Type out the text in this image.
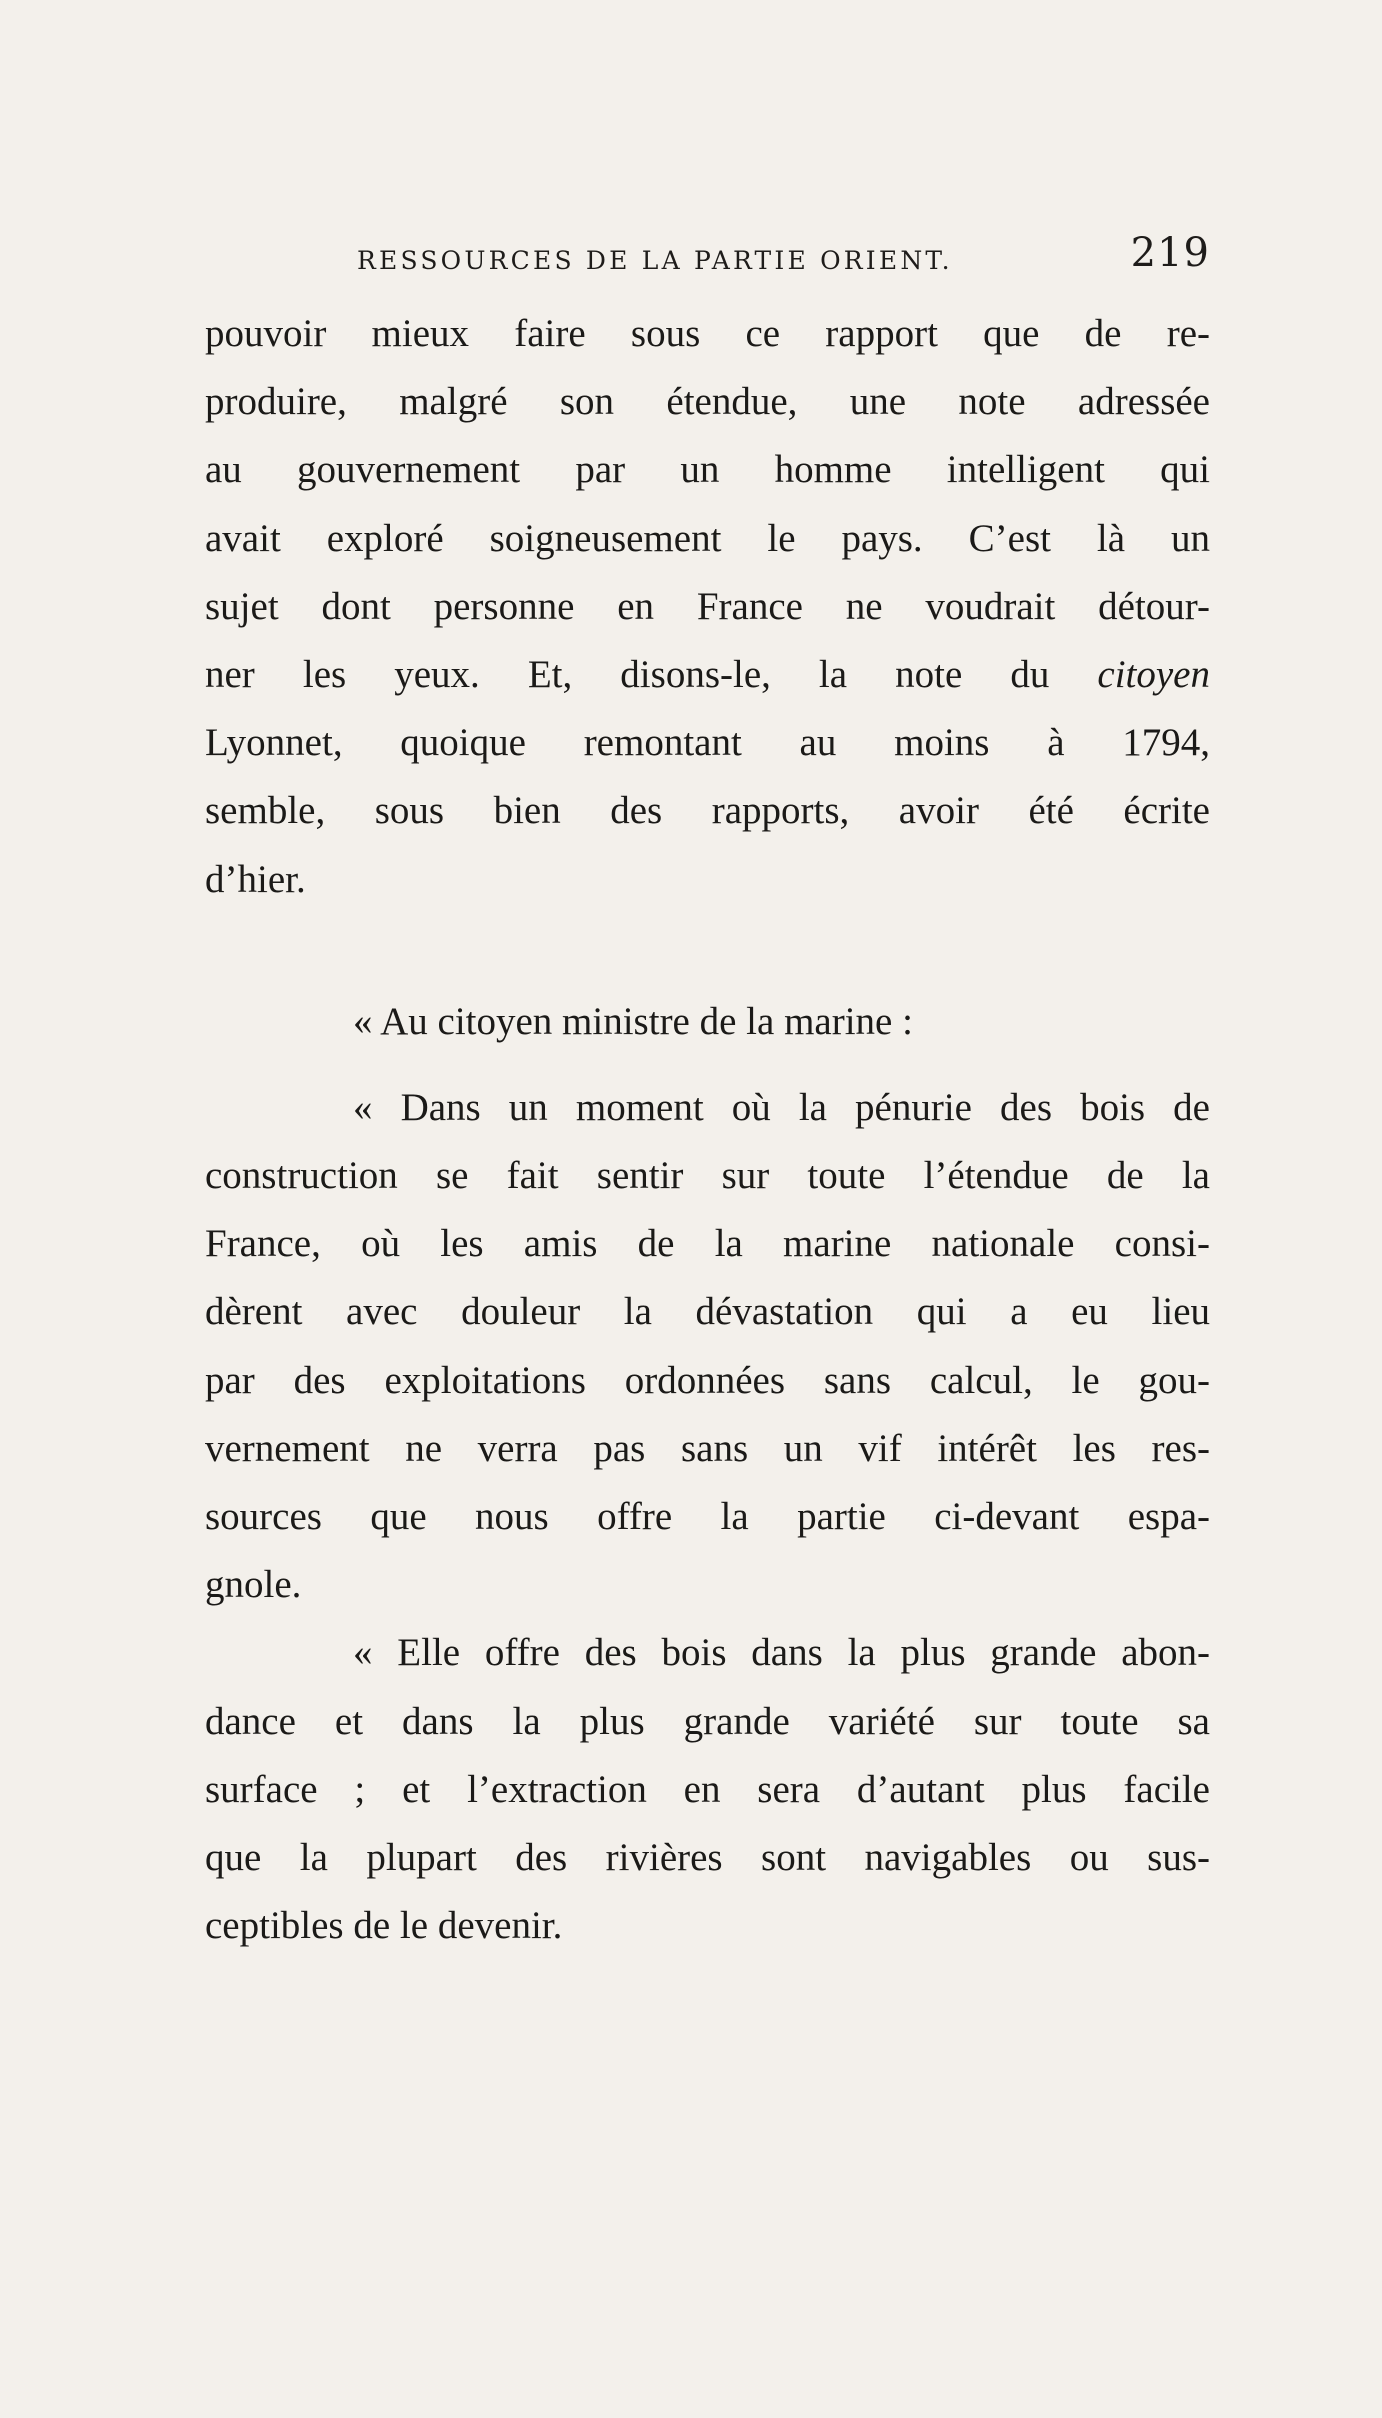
RESSOURCES DE LA PARTIE ORIENT.	219
pouvoir mieux faire sous ce rapport que de re-
produire, malgré son étendue, une note adressée
au gouvernement par un homme intelligent qui
avait exploré soigneusement le pays. C’est là un
sujet dont personne en France ne voudrait détour-
ner les yeux. Et, disons-le, la note du citoyen
Lyonnet, quoique remontant au moins à 1794,
semble, sous bien des rapports, avoir été écrite
d’hier.
« Au citoyen ministre de la marine :
« Dans un moment où la pénurie des bois de
construction se fait sentir sur toute l’étendue de la
France, où les amis de la marine nationale consi-
dèrent avec douleur la dévastation qui a eu lieu
par des exploitations ordonnées sans calcul, le gou-
vernement ne verra pas sans un vif intérêt les res-
sources que nous offre la partie ci-devant espa-
gnole.
« Elle offre des bois dans la plus grande abon-
dance et dans la plus grande variété sur toute sa
surface ; et l’extraction en sera d’autant plus facile
que la plupart des rivières sont navigables ou sus-
ceptibles de le devenir.
